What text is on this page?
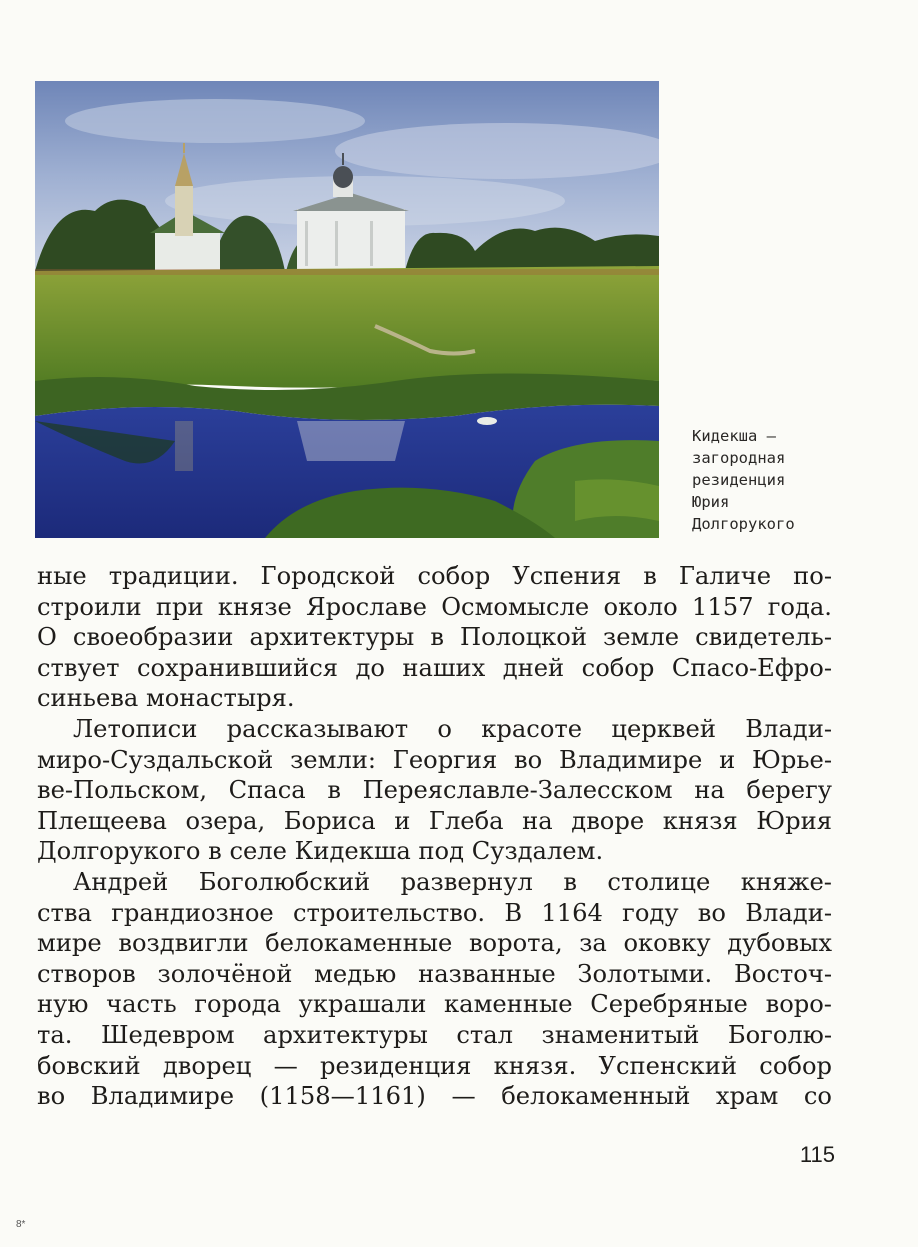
Кидекша —
загородная
резиденция
Юрия
Долгорукого
ные традиции. Городской собор Успения в Галиче по-
строили при князе Ярославе Осмомысле около 1157 года.
О своеобразии архитектуры в Полоцкой земле свидетель-
ствует сохранившийся до наших дней собор Спасо-Ефро-
синьева монастыря.
Летописи рассказывают о красоте церквей Влади-
миро-Суздальской земли: Георгия во Владимире и Юрье-
ве-Польском, Спаса в Переяславле-Залесском на берегу
Плещеева озера, Бориса и Глеба на дворе князя Юрия
Долгорукого в селе Кидекша под Суздалем.
Андрей Боголюбский развернул в столице княже-
ства грандиозное строительство. В 1164 году во Влади-
мире воздвигли белокаменные ворота, за оковку дубовых
створов золочёной медью названные Золотыми. Восточ-
ную часть города украшали каменные Серебряные воро-
та. Шедевром архитектуры стал знаменитый Боголю-
бовский дворец — резиденция князя. Успенский собор
во Владимире (1158—1161) — белокаменный храм со
115
8*
